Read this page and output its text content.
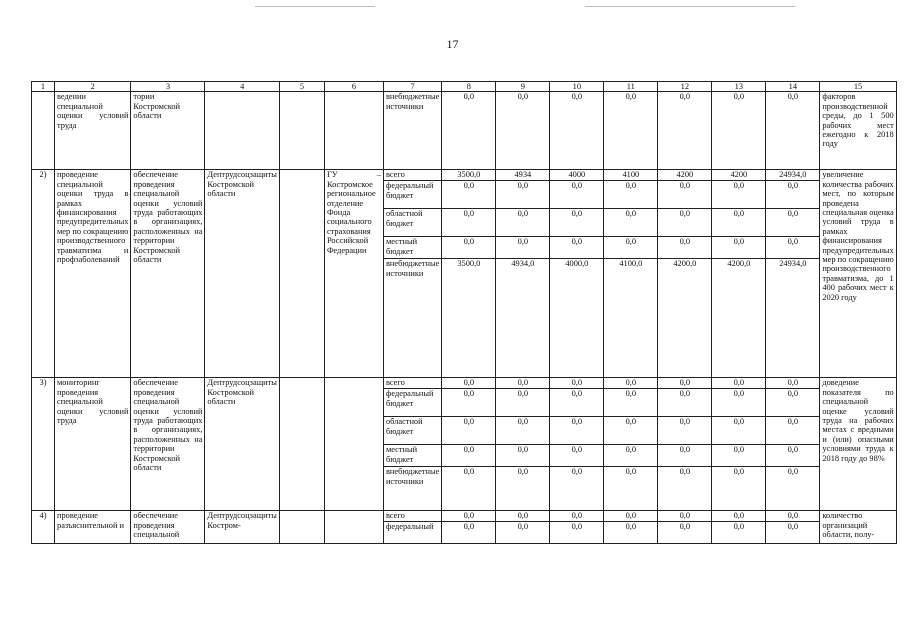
17
1	2	3	4	5	6	7	8	9	10	11	12	13	14	15
	ведении специальной оценки условий труда	тории Костромской области				внебюджетные источники	0,0	0,0	0,0	0,0	0,0	0,0	0,0	факторов производственной среды, до 1 500 рабочих мест ежегодно к 2018 году
2)	проведение специальной оценки труда в рамках финансирования предупредительных мер по сокращению производственного травматизма и профзаболеваний	обеспечение проведения специальной оценки условий труда работающих в организациях, расположенных на территории Костромской области	Дептрудсоцзащиты Костромской области		ГУ – Костромское региональное отделение Фонда социального страхования Российской Федерации	всего	3500,0	4934	4000	4100	4200	4200	24934,0	увеличение количества рабочих мест, по которым проведена специальная оценка условий труда в рамках финансирования предупредительных мер по сокращению производственного травматизма, до 1 400 рабочих мест к 2020 году
						федеральный бюджет	0,0	0,0	0,0	0,0	0,0	0,0	0,0	
						областной бюджет	0,0	0,0	0,0	0,0	0,0	0,0	0,0	
						местный бюджет	0,0	0,0	0,0	0,0	0,0	0,0	0,0	
						внебюджетные источники	3500,0	4934,0	4000,0	4100,0	4200,0	4200,0	24934,0	
3)	мониторинг проведения специальной оценки условий труда	обеспечение проведения специальной оценки условий труда работающих в организациях, расположенных на территории Костромской области	Дептрудсоцзащиты Костромской области			всего	0,0	0,0	0,0	0,0	0,0	0,0	0,0	доведение показателя по специальной оценке условий труда на рабочих местах с вредными и (или) опасными условиями труда к 2018 году до 98%
						федеральный бюджет	0,0	0,0	0,0	0,0	0,0	0,0	0,0	
						областной бюджет	0,0	0,0	0,0	0,0	0,0	0,0	0,0	
						местный бюджет	0,0	0,0	0,0	0,0	0,0	0,0	0,0	
						внебюджетные источники	0,0	0,0	0,0	0,0	0,0	0,0	0,0	
4)	проведение разъяснительной и	обеспечение проведения специальной	Дептрудсоцзащиты Костром-			всего	0,0	0,0	0,0	0,0	0,0	0,0	0,0	количество организаций области, полу-
						федеральный	0,0	0,0	0,0	0,0	0,0	0,0	0,0	
